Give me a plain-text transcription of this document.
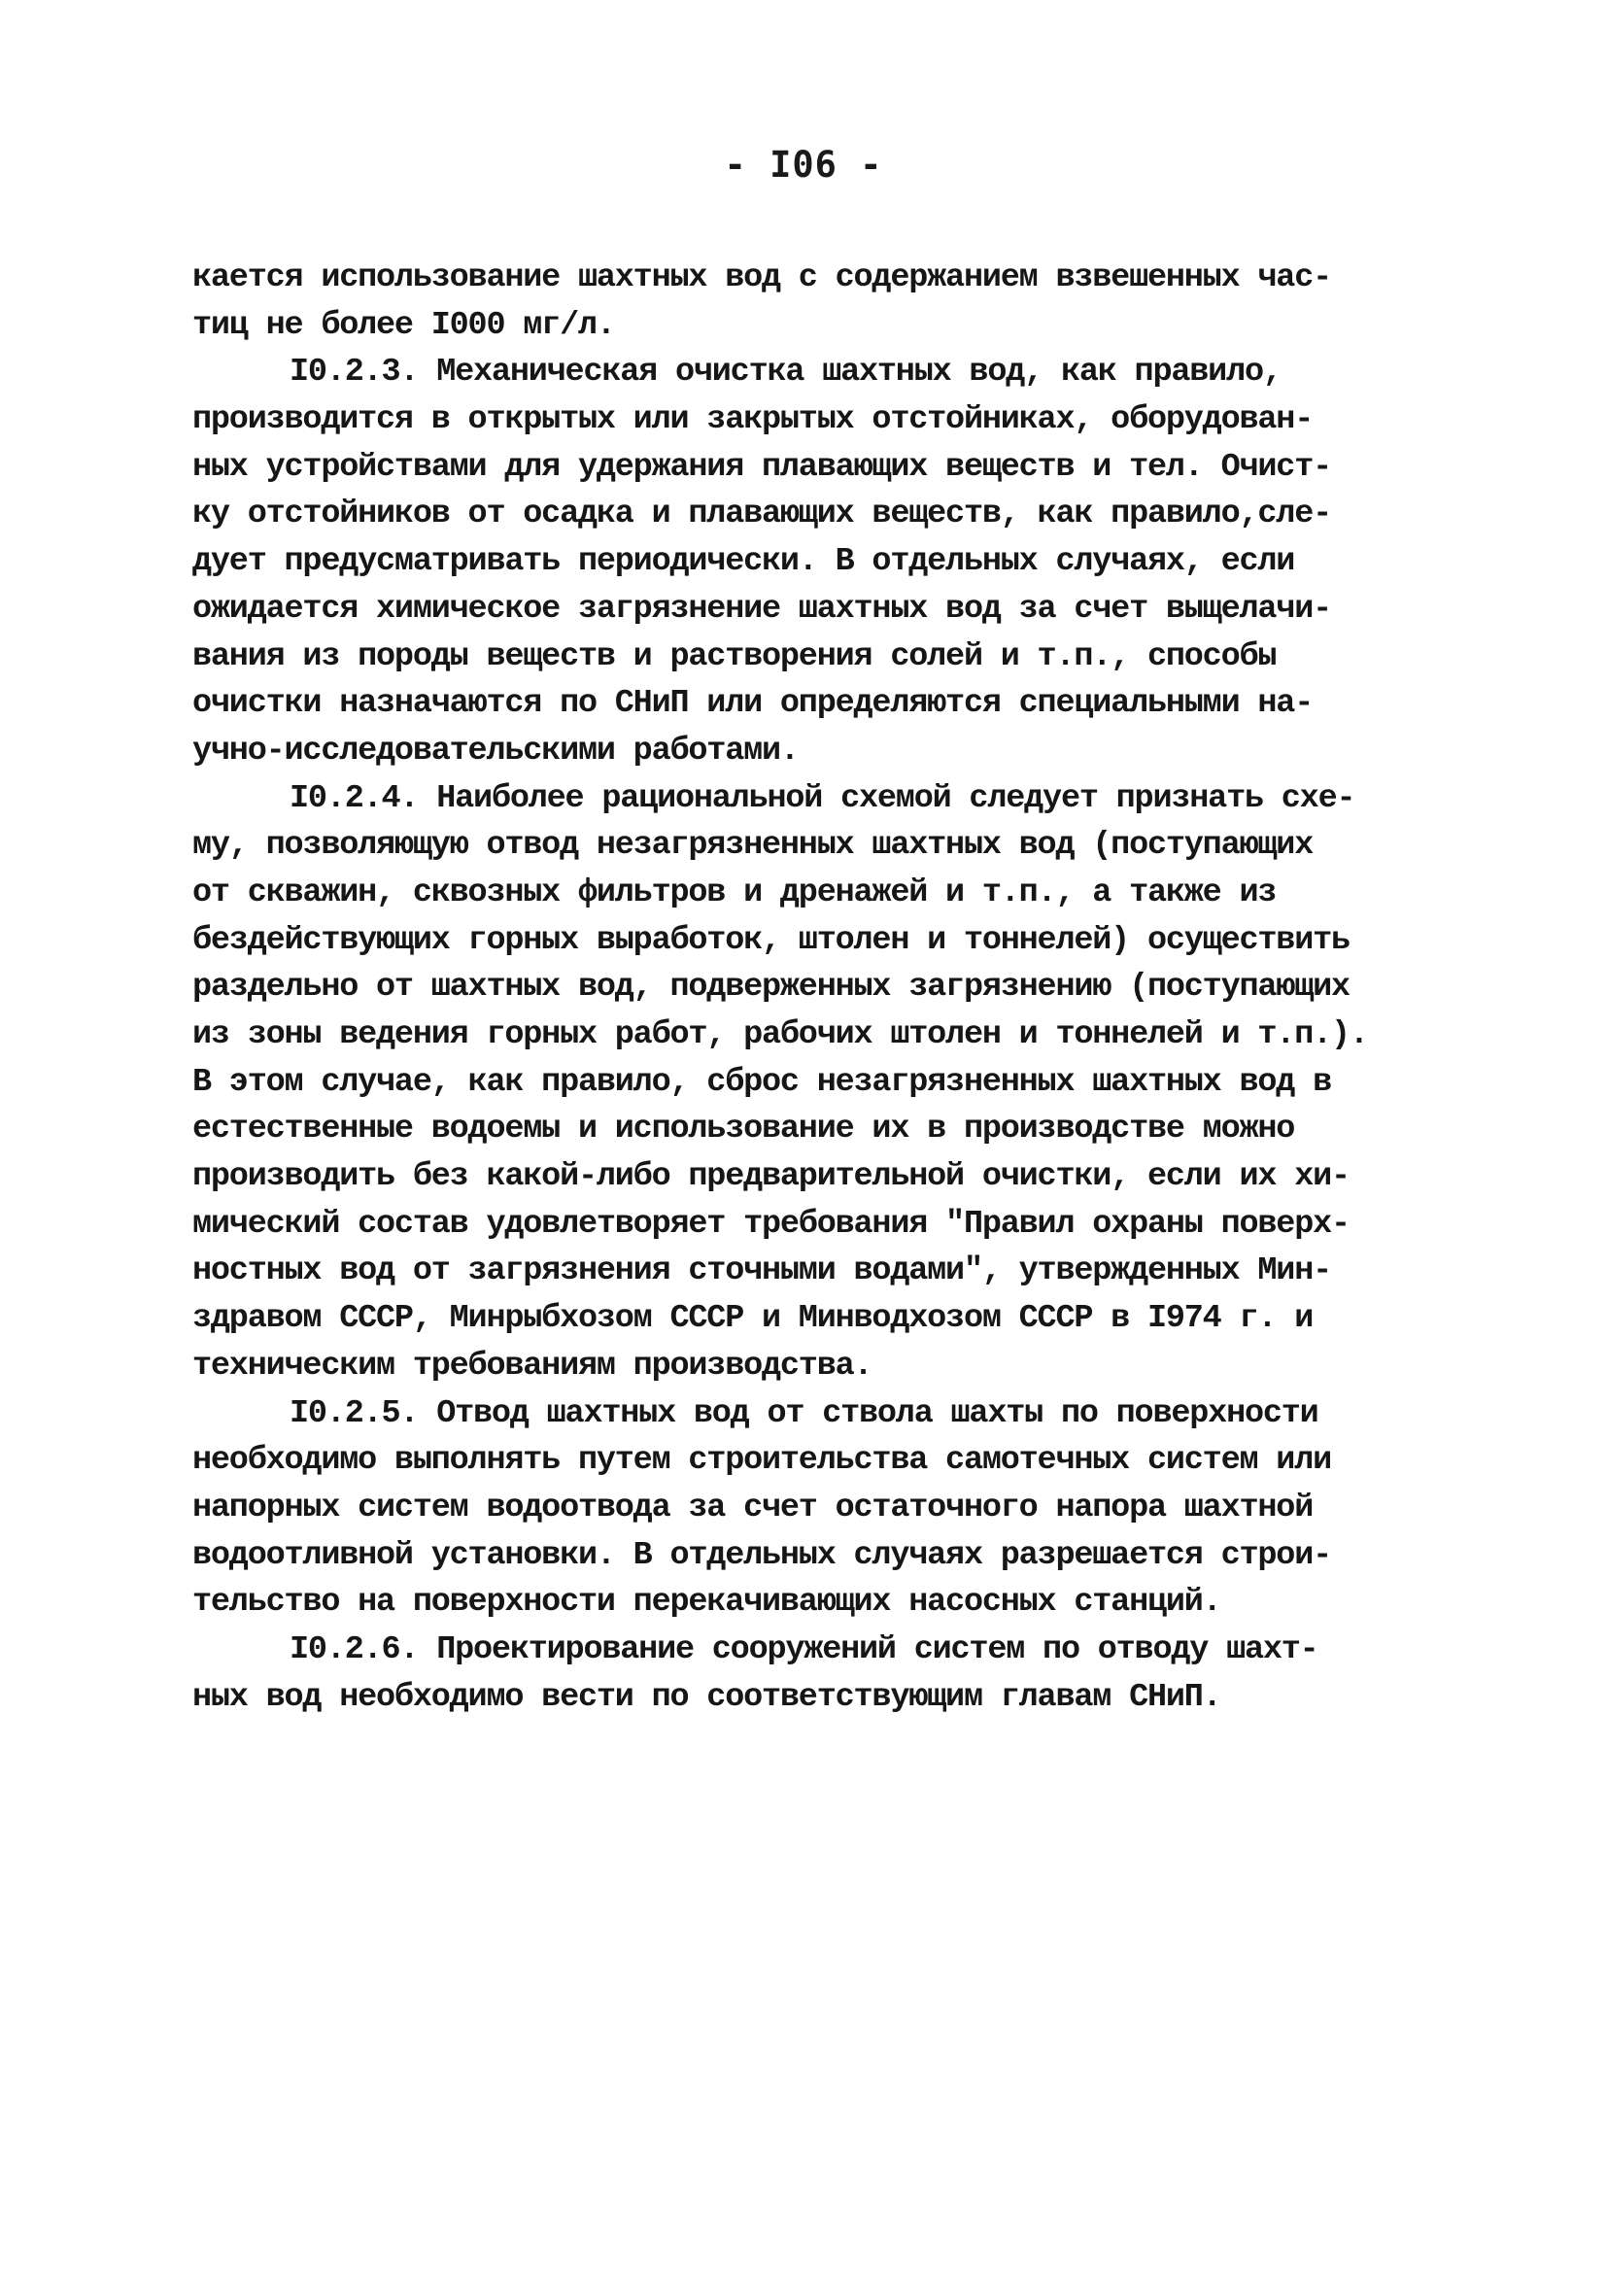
- I06 -
кается использование шахтных вод с содержанием взвешенных час-
тиц не более I000 мг/л.
I0.2.3. Механическая очистка шахтных вод, как правило,
производится в открытых или закрытых отстойниках, оборудован-
ных устройствами для удержания плавающих веществ и тел. Очист-
ку отстойников от осадка и плавающих веществ, как правило,сле-
дует предусматривать периодически. В отдельных случаях, если
ожидается химическое загрязнение шахтных вод за счет выщелачи-
вания из породы веществ и растворения солей и т.п., способы
очистки назначаются по СНиП или определяются специальными на-
учно-исследовательскими работами.
I0.2.4. Наиболее рациональной схемой следует признать схе-
му, позволяющую отвод незагрязненных шахтных вод (поступающих
от скважин, сквозных фильтров и дренажей и т.п., а также из
бездействующих горных выработок, штолен и тоннелей) осуществить
раздельно от шахтных вод, подверженных загрязнению (поступающих
из зоны ведения горных работ, рабочих штолен и тоннелей и т.п.).
В этом случае, как правило, сброс незагрязненных шахтных вод в
естественные водоемы и использование их в производстве можно
производить без какой-либо предварительной очистки, если их хи-
мический состав удовлетворяет требования "Правил охраны поверх-
ностных вод от загрязнения сточными водами", утвержденных Мин-
здравом СССР, Минрыбхозом СССР и Минводхозом СССР в I974 г. и
техническим требованиям производства.
I0.2.5. Отвод шахтных вод от ствола шахты по поверхности
необходимо выполнять путем строительства самотечных систем или
напорных систем водоотвода за счет остаточного напора шахтной
водоотливной установки. В отдельных случаях разрешается строи-
тельство на поверхности перекачивающих насосных станций.
I0.2.6. Проектирование сооружений систем по отводу шахт-
ных вод необходимо вести по соответствующим главам СНиП.
